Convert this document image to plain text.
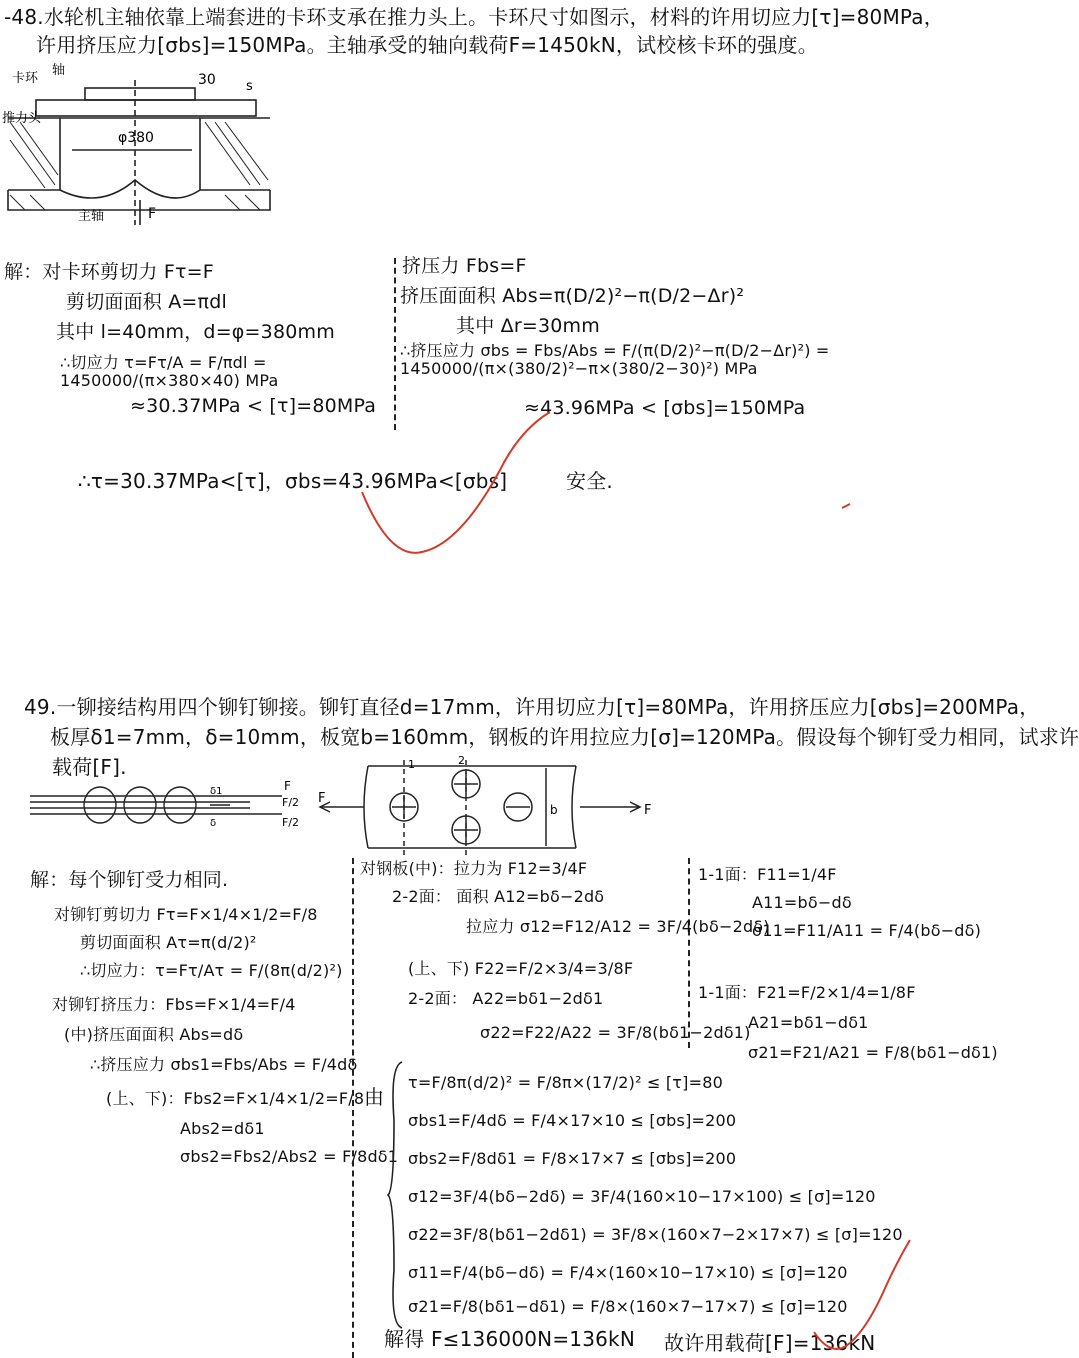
-48.水轮机主轴依靠上端套进的卡环支承在推力头上。卡环尺寸如图示，材料的许用切应力[τ]=80MPa，
许用挤压应力[σbs]=150MPa。主轴承受的轴向载荷F=1450kN，试校核卡环的强度。
卡环
轴
推力头
φ380
30 s
主轴	F
解：对卡环剪切力 Fτ=F
剪切面面积 A=πdl
其中 l=40mm，d=φ=380mm
∴切应力 τ=Fτ/A = F/πdl = 1450000/(π×380×40) MPa
≈30.37MPa < [τ]=80MPa
挤压力 Fbs=F
挤压面面积 Abs=π(D/2)²−π(D/2−Δr)²
其中 Δr=30mm
∴挤压应力 σbs = Fbs/Abs = F/(π(D/2)²−π(D/2−Δr)²) = 1450000/(π×(380/2)²−π×(380/2−30)²) MPa
≈43.96MPa < [σbs]=150MPa
∴τ=30.37MPa<[τ]，σbs=43.96MPa<[σbs]	安全.
49.一铆接结构用四个铆钉铆接。铆钉直径d=17mm，许用切应力[τ]=80MPa，许用挤压应力[σbs]=200MPa，
板厚δ1=7mm，δ=10mm，板宽b=160mm，钢板的许用拉应力[σ]=120MPa。假设每个铆钉受力相同，试求许
载荷[F].
δ1
δ
F
F/2
F/2
F
F
b
1	2
解：每个铆钉受力相同.
对铆钉剪切力 Fτ=F×1/4×1/2=F/8
剪切面面积 Aτ=π(d/2)²
∴切应力：τ=Fτ/Aτ = F/(8π(d/2)²)
对铆钉挤压力：Fbs=F×1/4=F/4
(中)挤压面面积 Abs=dδ
∴挤压应力 σbs1=Fbs/Abs = F/4dδ
(上、下)：Fbs2=F×1/4×1/2=F/8
Abs2=dδ1
σbs2=Fbs2/Abs2 = F/8dδ1
对钢板(中)：拉力为 F12=3/4F
2-2面： 面积 A12=bδ−2dδ
拉应力 σ12=F12/A12 = 3F/4(bδ−2dδ)
(上、下) F22=F/2×3/4=3/8F
2-2面： A22=bδ1−2dδ1
σ22=F22/A22 = 3F/8(bδ1−2dδ1)
1-1面：F11=1/4F
A11=bδ−dδ
σ11=F11/A11 = F/4(bδ−dδ)
1-1面：F21=F/2×1/4=1/8F
A21=bδ1−dδ1
σ21=F21/A21 = F/8(bδ1−dδ1)
由
τ=F/8π(d/2)² = F/8π×(17/2)² ≤ [τ]=80
σbs1=F/4dδ = F/4×17×10 ≤ [σbs]=200
σbs2=F/8dδ1 = F/8×17×7 ≤ [σbs]=200
σ12=3F/4(bδ−2dδ) = 3F/4(160×10−17×100) ≤ [σ]=120
σ22=3F/8(bδ1−2dδ1) = 3F/8×(160×7−2×17×7) ≤ [σ]=120
σ11=F/4(bδ−dδ) = F/4×(160×10−17×10) ≤ [σ]=120
σ21=F/8(bδ1−dδ1) = F/8×(160×7−17×7) ≤ [σ]=120
解得 F≤136000N=136kN 故许用载荷[F]=136kN
